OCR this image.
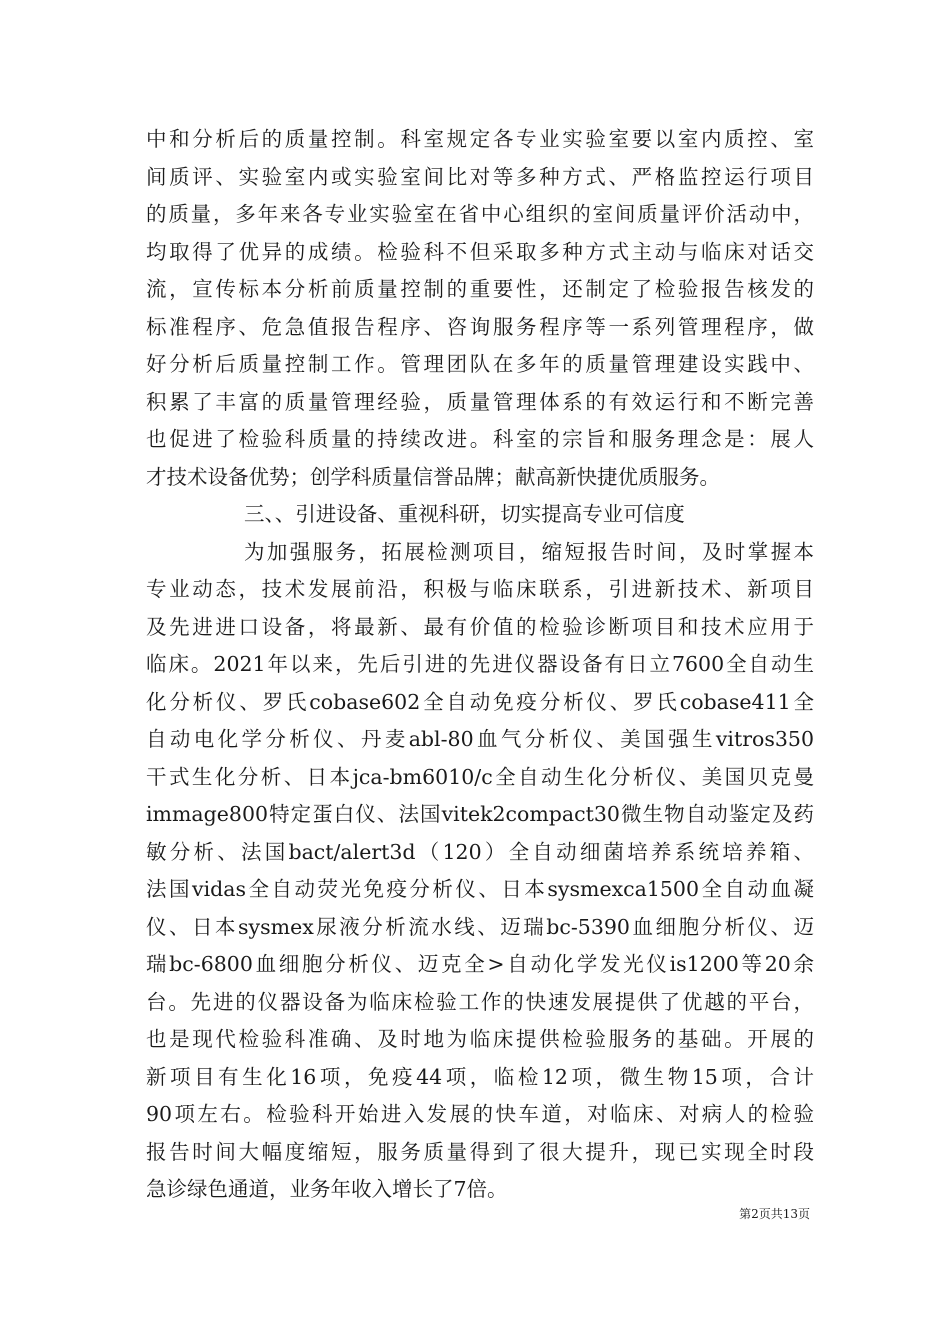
中和分析后的质量控制。科室规定各专业实验室要以室内质控、室
间质评、实验室内或实验室间比对等多种方式、严格监控运行项目
的质量，多年来各专业实验室在省中心组织的室间质量评价活动中，
均取得了优异的成绩。检验科不但采取多种方式主动与临床对话交
流，宣传标本分析前质量控制的重要性，还制定了检验报告核发的
标准程序、危急值报告程序、咨询服务程序等一系列管理程序，做
好分析后质量控制工作。管理团队在多年的质量管理建设实践中、
积累了丰富的质量管理经验，质量管理体系的有效运行和不断完善
也促进了检验科质量的持续改进。科室的宗旨和服务理念是：展人
才技术设备优势；创学科质量信誉品牌；献高新快捷优质服务。
三、、引进设备、重视科研，切实提高专业可信度
为加强服务，拓展检测项目，缩短报告时间，及时掌握本
专业动态，技术发展前沿，积极与临床联系，引进新技术、新项目
及先进进口设备，将最新、最有价值的检验诊断项目和技术应用于
临床。2021年以来，先后引进的先进仪器设备有日立7600全自动生
化分析仪、罗氏cobase602全自动免疫分析仪、罗氏cobase411全
自动电化学分析仪、丹麦abl-80血气分析仪、美国强生vitros350
干式生化分析、日本jca-bm6010/c全自动生化分析仪、美国贝克曼
immage800特定蛋白仪、法国vitek2compact30微生物自动鉴定及药
敏分析、法国bact/alert3d（120）全自动细菌培养系统培养箱、
法国vidas全自动荧光免疫分析仪、日本sysmexca1500全自动血凝
仪、日本sysmex尿液分析流水线、迈瑞bc-5390血细胞分析仪、迈
瑞bc-6800血细胞分析仪、迈克全>自动化学发光仪is1200等20余
台。先进的仪器设备为临床检验工作的快速发展提供了优越的平台，
也是现代检验科准确、及时地为临床提供检验服务的基础。开展的
新项目有生化16项，免疫44项，临检12项，微生物15项，合计
90项左右。检验科开始进入发展的快车道，对临床、对病人的检验
报告时间大幅度缩短，服务质量得到了很大提升，现已实现全时段
急诊绿色通道，业务年收入增长了7倍。
第2页共13页
